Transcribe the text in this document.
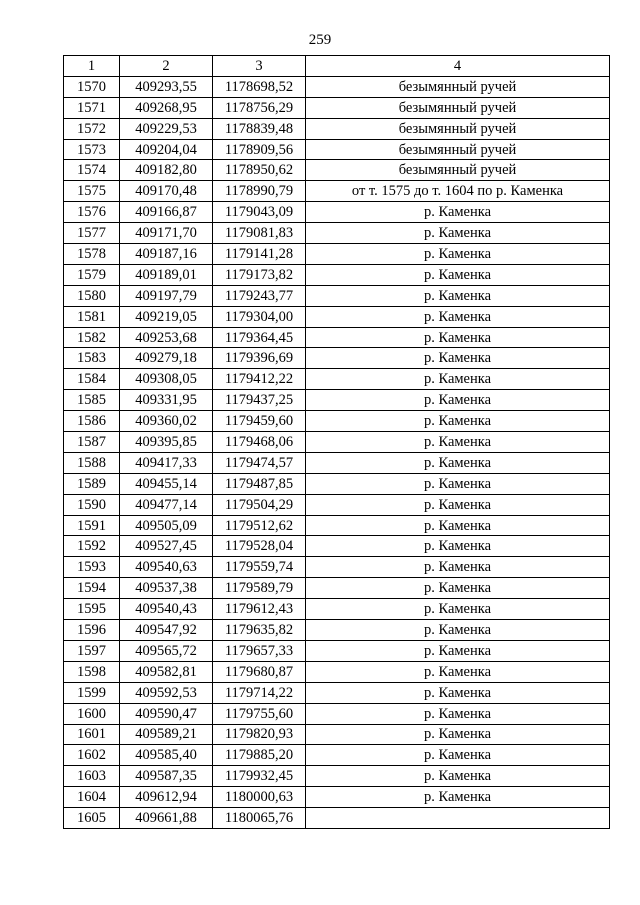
259
1	2	3	4
1570	409293,55	1178698,52	безымянный ручей
1571	409268,95	1178756,29	безымянный ручей
1572	409229,53	1178839,48	безымянный ручей
1573	409204,04	1178909,56	безымянный ручей
1574	409182,80	1178950,62	безымянный ручей
1575	409170,48	1178990,79	от т. 1575 до т. 1604 по р. Каменка
1576	409166,87	1179043,09	р. Каменка
1577	409171,70	1179081,83	р. Каменка
1578	409187,16	1179141,28	р. Каменка
1579	409189,01	1179173,82	р. Каменка
1580	409197,79	1179243,77	р. Каменка
1581	409219,05	1179304,00	р. Каменка
1582	409253,68	1179364,45	р. Каменка
1583	409279,18	1179396,69	р. Каменка
1584	409308,05	1179412,22	р. Каменка
1585	409331,95	1179437,25	р. Каменка
1586	409360,02	1179459,60	р. Каменка
1587	409395,85	1179468,06	р. Каменка
1588	409417,33	1179474,57	р. Каменка
1589	409455,14	1179487,85	р. Каменка
1590	409477,14	1179504,29	р. Каменка
1591	409505,09	1179512,62	р. Каменка
1592	409527,45	1179528,04	р. Каменка
1593	409540,63	1179559,74	р. Каменка
1594	409537,38	1179589,79	р. Каменка
1595	409540,43	1179612,43	р. Каменка
1596	409547,92	1179635,82	р. Каменка
1597	409565,72	1179657,33	р. Каменка
1598	409582,81	1179680,87	р. Каменка
1599	409592,53	1179714,22	р. Каменка
1600	409590,47	1179755,60	р. Каменка
1601	409589,21	1179820,93	р. Каменка
1602	409585,40	1179885,20	р. Каменка
1603	409587,35	1179932,45	р. Каменка
1604	409612,94	1180000,63	р. Каменка
1605	409661,88	1180065,76	
